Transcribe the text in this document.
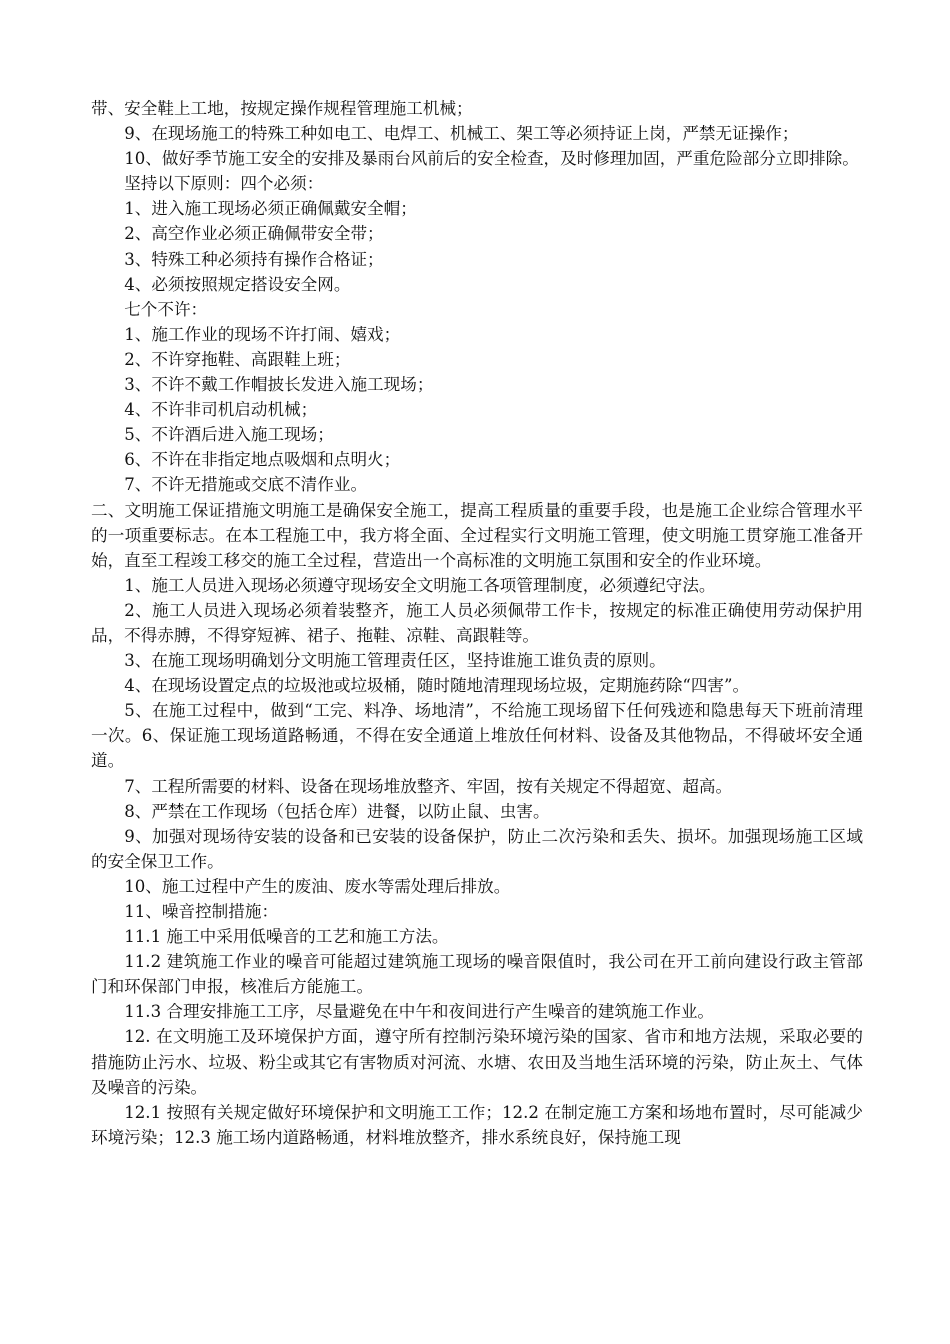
带、安全鞋上工地，按规定操作规程管理施工机械；

9、在现场施工的特殊工种如电工、电焊工、机械工、架工等必须持证上岗，严禁无证操作；

10、做好季节施工安全的安排及暴雨台风前后的安全检查，及时修理加固，严重危险部分立即排除。

坚持以下原则：四个必须：

1、进入施工现场必须正确佩戴安全帽；

2、高空作业必须正确佩带安全带；

3、特殊工种必须持有操作合格证；

4、必须按照规定搭设安全网。

七个不许：

1、施工作业的现场不许打闹、嬉戏；

2、不许穿拖鞋、高跟鞋上班；

3、不许不戴工作帽披长发进入施工现场；

4、不许非司机启动机械；

5、不许酒后进入施工现场；

6、不许在非指定地点吸烟和点明火；

7、不许无措施或交底不清作业。

二、文明施工保证措施文明施工是确保安全施工，提高工程质量的重要手段，也是施工企业综合管理水平的一项重要标志。在本工程施工中，我方将全面、全过程实行文明施工管理，使文明施工贯穿施工准备开始，直至工程竣工移交的施工全过程，营造出一个高标准的文明施工氛围和安全的作业环境。

1、施工人员进入现场必须遵守现场安全文明施工各项管理制度，必须遵纪守法。

2、施工人员进入现场必须着装整齐，施工人员必须佩带工作卡，按规定的标准正确使用劳动保护用品，不得赤膊，不得穿短裤、裙子、拖鞋、凉鞋、高跟鞋等。

3、在施工现场明确划分文明施工管理责任区，坚持谁施工谁负责的原则。

4、在现场设置定点的垃圾池或垃圾桶，随时随地清理现场垃圾，定期施药除“四害”。

5、在施工过程中，做到“工完、料净、场地清”，不给施工现场留下任何残迹和隐患每天下班前清理一次。6、保证施工现场道路畅通，不得在安全通道上堆放任何材料、设备及其他物品，不得破坏安全通道。

7、工程所需要的材料、设备在现场堆放整齐、牢固，按有关规定不得超宽、超高。

8、严禁在工作现场（包括仓库）进餐，以防止鼠、虫害。

9、加强对现场待安装的设备和已安装的设备保护，防止二次污染和丢失、损坏。加强现场施工区域的安全保卫工作。

10、施工过程中产生的废油、废水等需处理后排放。

11、噪音控制措施：

11.1 施工中采用低噪音的工艺和施工方法。

11.2 建筑施工作业的噪音可能超过建筑施工现场的噪音限值时，我公司在开工前向建设行政主管部门和环保部门申报，核准后方能施工。

11.3 合理安排施工工序，尽量避免在中午和夜间进行产生噪音的建筑施工作业。

12. 在文明施工及环境保护方面，遵守所有控制污染环境污染的国家、省市和地方法规，采取必要的措施防止污水、垃圾、粉尘或其它有害物质对河流、水塘、农田及当地生活环境的污染，防止灰土、气体及噪音的污染。

12.1 按照有关规定做好环境保护和文明施工工作；12.2 在制定施工方案和场地布置时，尽可能减少环境污染；12.3 施工场内道路畅通，材料堆放整齐，排水系统良好，保持施工现
